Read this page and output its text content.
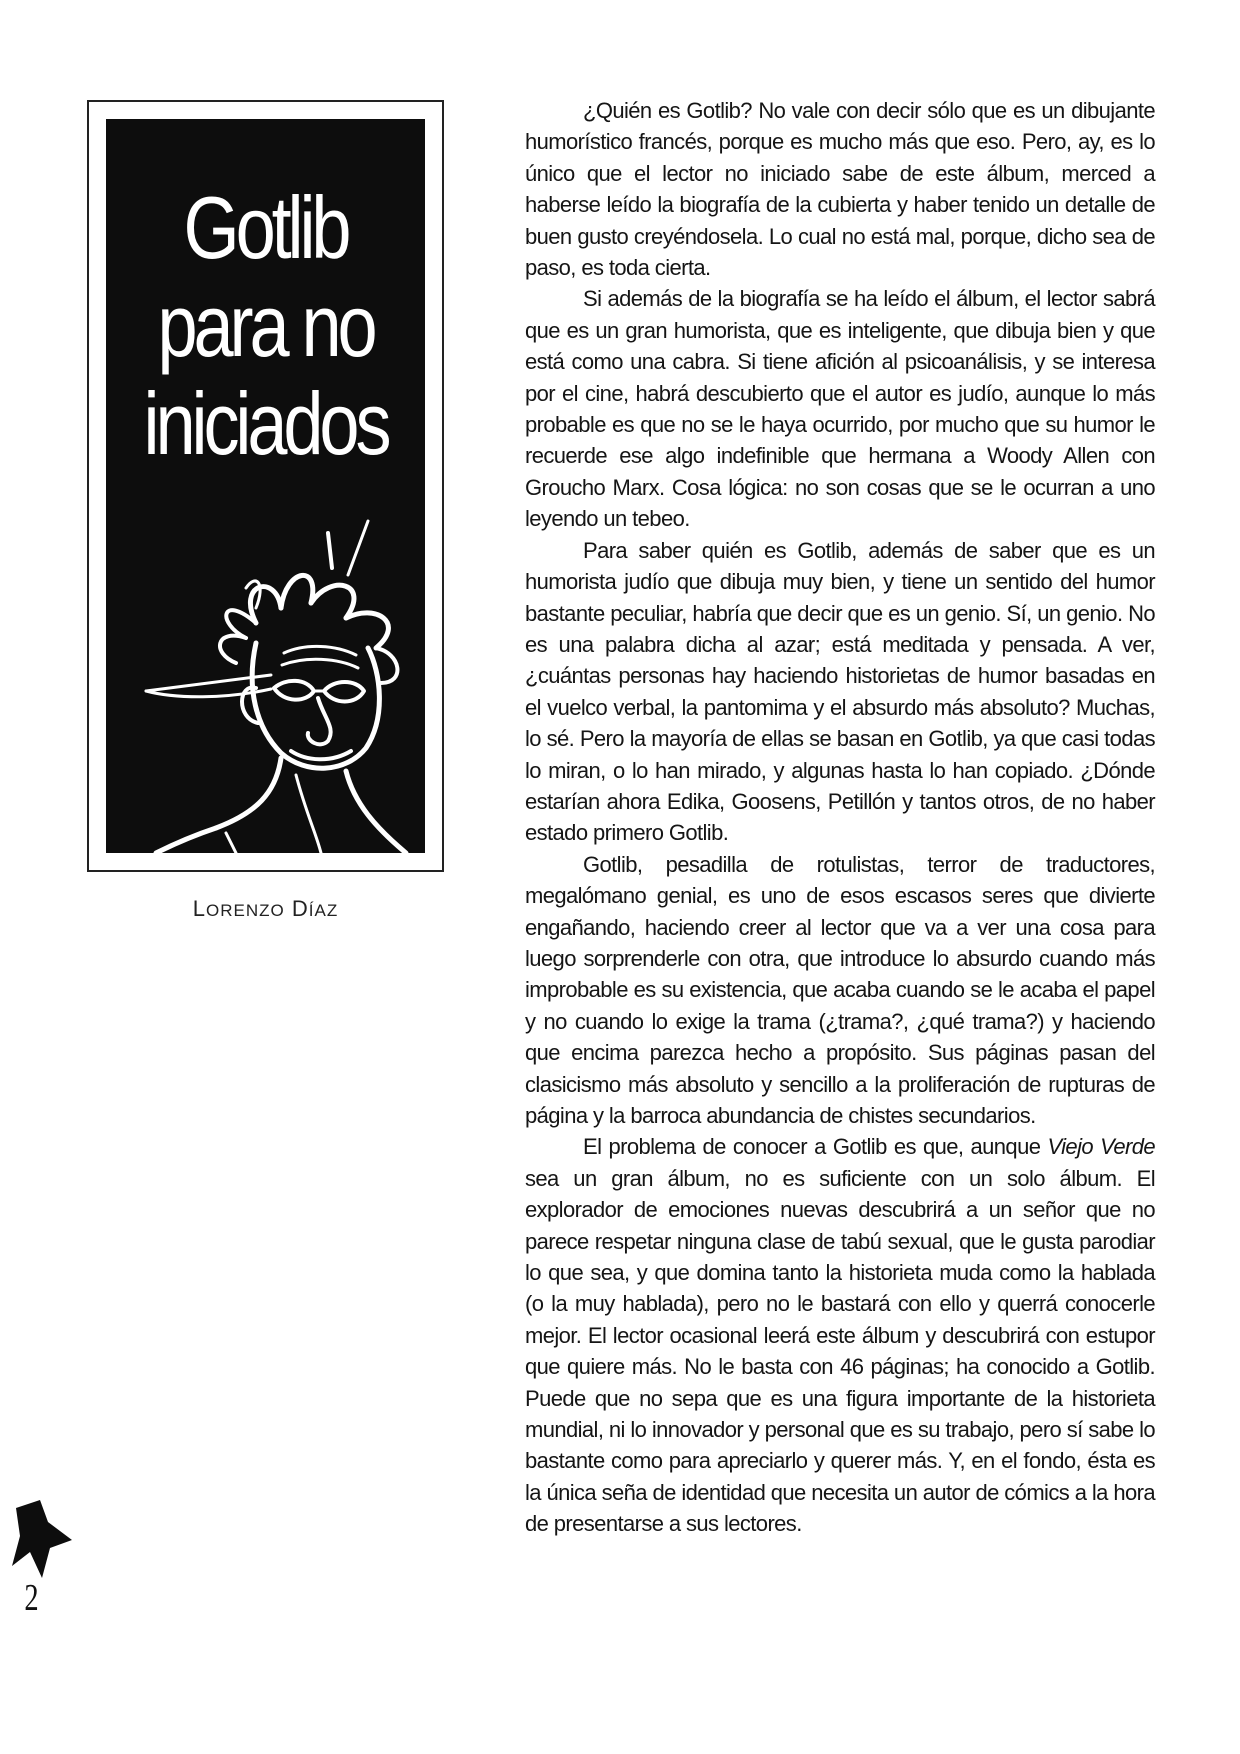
Gotlib
para no
iniciados
LORENZO DÍAZ

¿Quién es Gotlib? No vale con decir sólo que es un dibujante humorístico francés, porque es mucho más que eso. Pero, ay, es lo único que el lector no iniciado sabe de este álbum, merced a haberse leído la biografía de la cubierta y haber tenido un detalle de buen gusto creyéndosela. Lo cual no está mal, porque, dicho sea de paso, es toda cierta.

Si además de la biografía se ha leído el álbum, el lector sabrá que es un gran humorista, que es inteligente, que dibuja bien y que está como una cabra. Si tiene afición al psicoanálisis, y se interesa por el cine, habrá descubierto que el autor es judío, aunque lo más probable es que no se le haya ocurrido, por mucho que su humor le recuerde ese algo indefinible que hermana a Woody Allen con Groucho Marx. Cosa lógica: no son cosas que se le ocurran a uno leyendo un tebeo.

Para saber quién es Gotlib, además de saber que es un humorista judío que dibuja muy bien, y tiene un sentido del humor bastante peculiar, habría que decir que es un genio. Sí, un genio. No es una palabra dicha al azar; está meditada y pensada. A ver, ¿cuántas personas hay haciendo historietas de humor basadas en el vuelco verbal, la pantomima y el absurdo más absoluto? Muchas, lo sé. Pero la mayoría de ellas se basan en Gotlib, ya que casi todas lo miran, o lo han mirado, y algunas hasta lo han copiado. ¿Dónde estarían ahora Edika, Goosens, Petillón y tantos otros, de no haber estado primero Gotlib.

Gotlib, pesadilla de rotulistas, terror de traductores, megalómano genial, es uno de esos escasos seres que divierte engañando, haciendo creer al lector que va a ver una cosa para luego sorprenderle con otra, que introduce lo absurdo cuando más improbable es su existencia, que acaba cuando se le acaba el papel y no cuando lo exige la trama (¿trama?, ¿qué trama?) y haciendo que encima parezca hecho a propósito. Sus páginas pasan del clasicismo más absoluto y sencillo a la proliferación de rupturas de página y la barroca abundancia de chistes secundarios.

El problema de conocer a Gotlib es que, aunque Viejo Verde sea un gran álbum, no es suficiente con un solo álbum. El explorador de emociones nuevas descubrirá a un señor que no parece respetar ninguna clase de tabú sexual, que le gusta parodiar lo que sea, y que domina tanto la historieta muda como la hablada (o la muy hablada), pero no le bastará con ello y querrá conocerle mejor. El lector ocasional leerá este álbum y descubrirá con estupor que quiere más. No le basta con 46 páginas; ha conocido a Gotlib. Puede que no sepa que es una figura importante de la historieta mundial, ni lo innovador y personal que es su trabajo, pero sí sabe lo bastante como para apreciarlo y querer más. Y, en el fondo, ésta es la única seña de identidad que necesita un autor de cómics a la hora de presentarse a sus lectores.

2
